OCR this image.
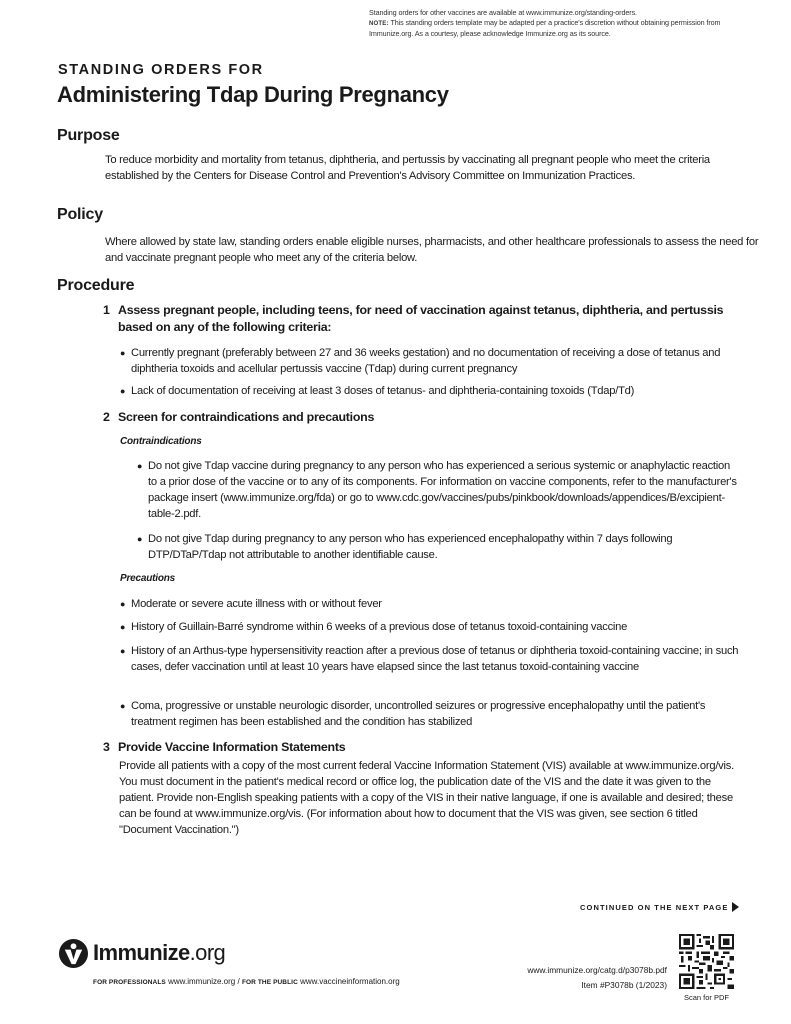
Standing orders for other vaccines are available at www.immunize.org/standing-orders.
NOTE: This standing orders template may be adapted per a practice's discretion without obtaining permission from Immunize.org. As a courtesy, please acknowledge Immunize.org as its source.
STANDING ORDERS FOR
Administering Tdap During Pregnancy
Purpose

To reduce morbidity and mortality from tetanus, diphtheria, and pertussis by vaccinating all pregnant people who meet the criteria established by the Centers for Disease Control and Prevention's Advisory Committee on Immunization Practices.

Policy

Where allowed by state law, standing orders enable eligible nurses, pharmacists, and other healthcare professionals to assess the need for and vaccinate pregnant people who meet any of the criteria below.

Procedure
1 Assess pregnant people, including teens, for need of vaccination against tetanus, diphtheria, and pertussis based on any of the following criteria:
● Currently pregnant (preferably between 27 and 36 weeks gestation) and no documentation of receiving a dose of tetanus and diphtheria toxoids and acellular pertussis vaccine (Tdap) during current pregnancy
● Lack of documentation of receiving at least 3 doses of tetanus- and diphtheria-containing toxoids (Tdap/Td)
2 Screen for contraindications and precautions
Contraindications
● Do not give Tdap vaccine during pregnancy to any person who has experienced a serious systemic or anaphylactic reaction to a prior dose of the vaccine or to any of its components. For information on vaccine components, refer to the manufacturer's package insert (www.immunize.org/fda) or go to www.cdc.gov/vaccines/pubs/pinkbook/downloads/appendices/B/excipient-table-2.pdf.
● Do not give Tdap during pregnancy to any person who has experienced encephalopathy within 7 days following DTP/DTaP/Tdap not attributable to another identifiable cause.
Precautions
● Moderate or severe acute illness with or without fever
● History of Guillain-Barré syndrome within 6 weeks of a previous dose of tetanus toxoid-containing vaccine
● History of an Arthus-type hypersensitivity reaction after a previous dose of tetanus or diphtheria toxoid-containing vaccine; in such cases, defer vaccination until at least 10 years have elapsed since the last tetanus toxoid-containing vaccine
● Coma, progressive or unstable neurologic disorder, uncontrolled seizures or progressive encephalopathy until the patient's treatment regimen has been established and the condition has stabilized
3 Provide Vaccine Information Statements

Provide all patients with a copy of the most current federal Vaccine Information Statement (VIS) available at www.immunize.org/vis. You must document in the patient's medical record or office log, the publication date of the VIS and the date it was given to the patient. Provide non-English speaking patients with a copy of the VIS in their native language, if one is available and desired; these can be found at www.immunize.org/vis. (For information about how to document that the VIS was given, see section 6 titled "Document Vaccination.")

CONTINUED ON THE NEXT PAGE
Immunize.org
FOR PROFESSIONALS www.immunize.org / FOR THE PUBLIC www.vaccineinformation.org
www.immunize.org/catg.d/p3078b.pdf
Item #P3078b (1/2023)
Scan for PDF
